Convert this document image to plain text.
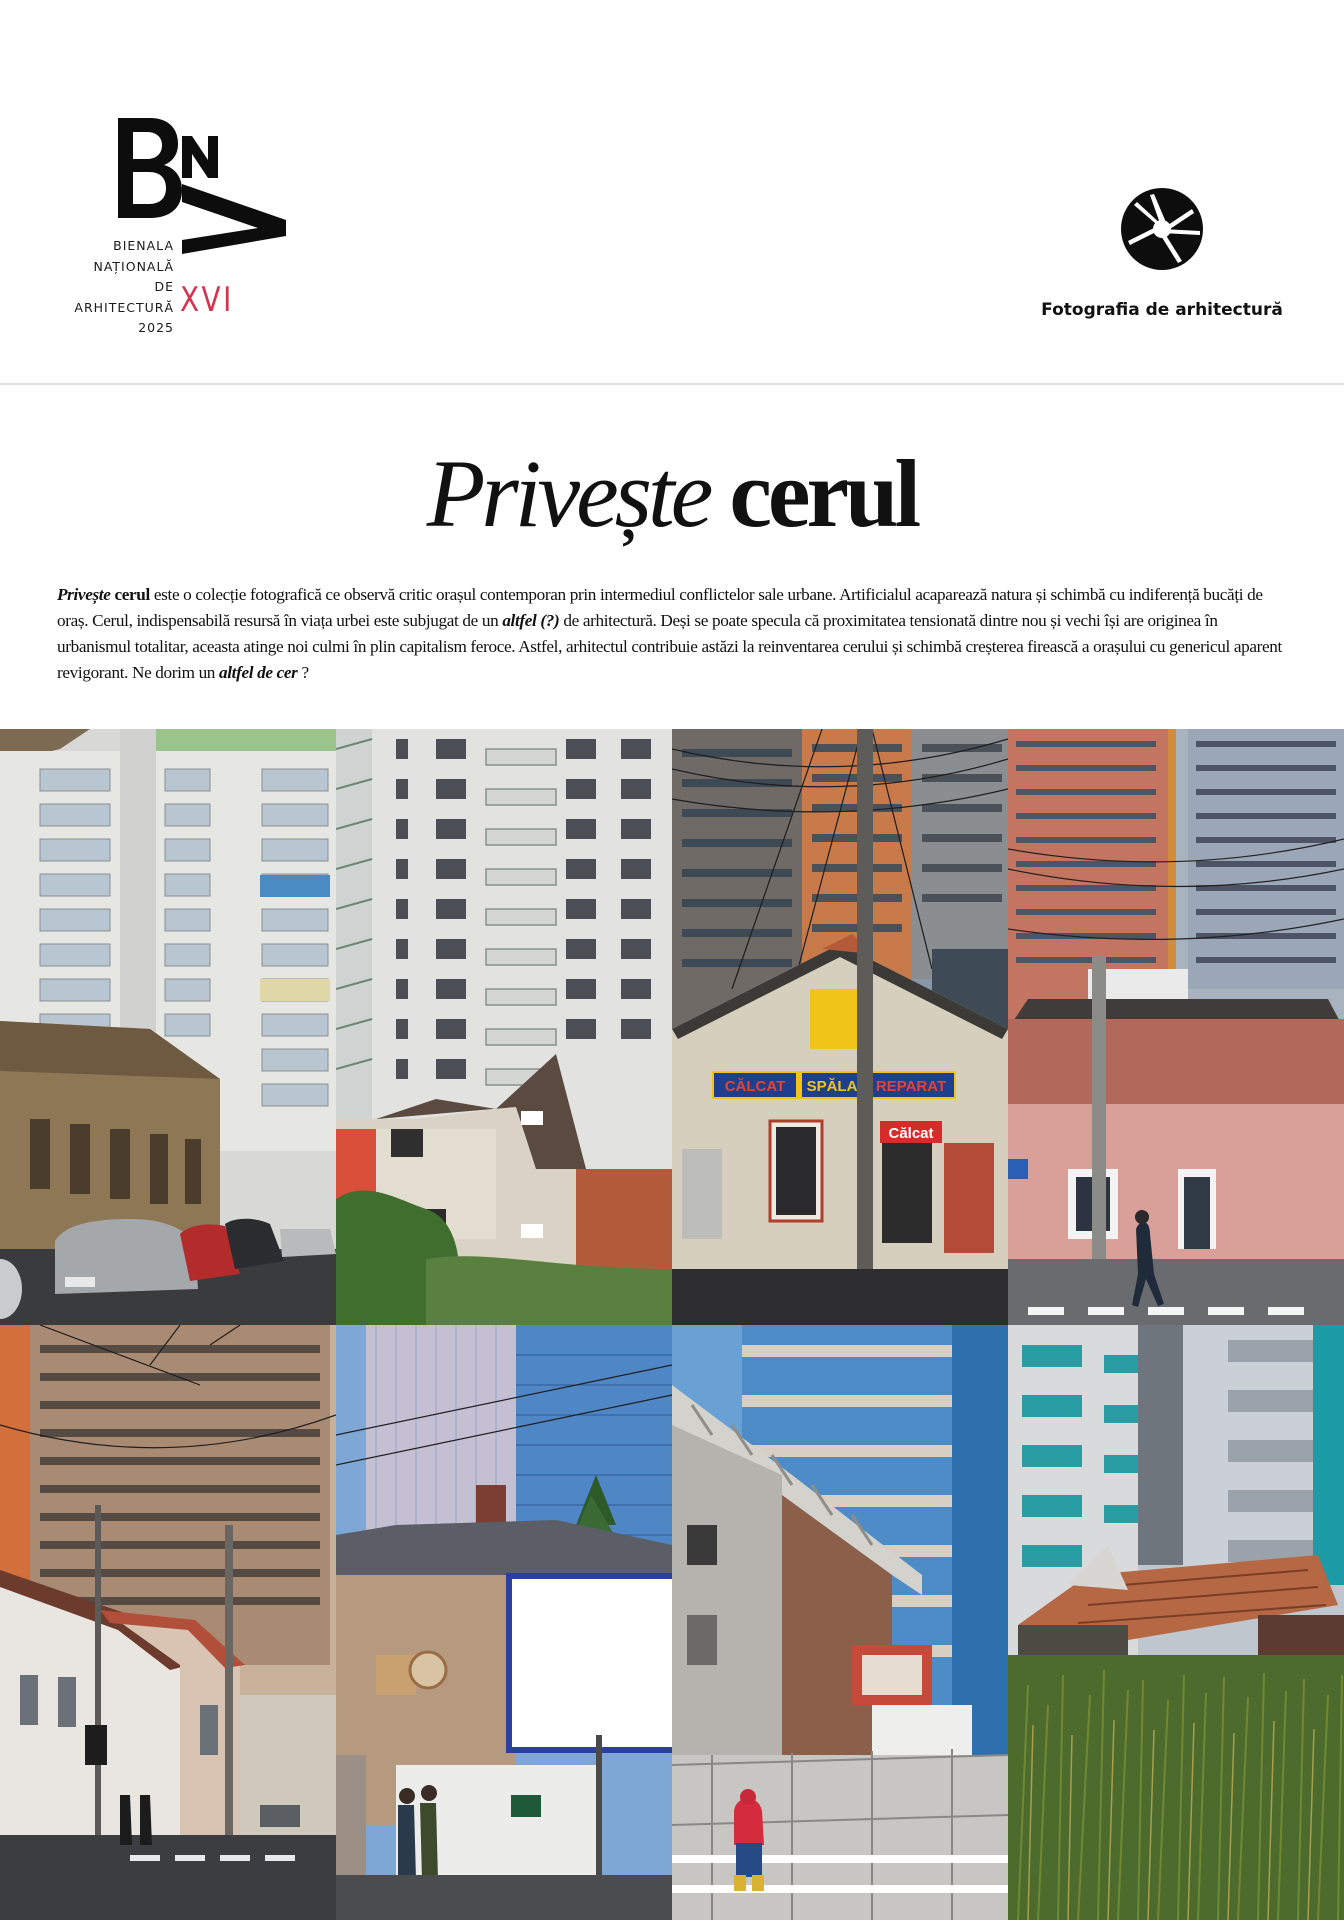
BIENALA
NAȚIONALĂ
DE
ARHITECTURĂ
2025
XVI	Fotografia de arhitectură
Privește cerul

Privește cerul este o colecție fotografică ce observă critic orașul contemporan prin intermediul conflictelor sale urbane. Artificialul acaparează natura și schimbă cu indiferență bucăți de oraș. Cerul, indispensabilă resursă în viața urbei este subjugat de un altfel (?) de arhitectură. Deși se poate specula că proximitatea tensionată dintre nou și vechi își are originea în urbanismul totalitar, aceasta atinge noi culmi în plin capitalism feroce. Astfel, arhitectul contribuie astăzi la reinventarea cerului și schimbă creșterea firească a orașului cu genericul aparent revigorant. Ne dorim un altfel de cer ?

CĂLCAT SPĂLA REPARAT
Călcat
